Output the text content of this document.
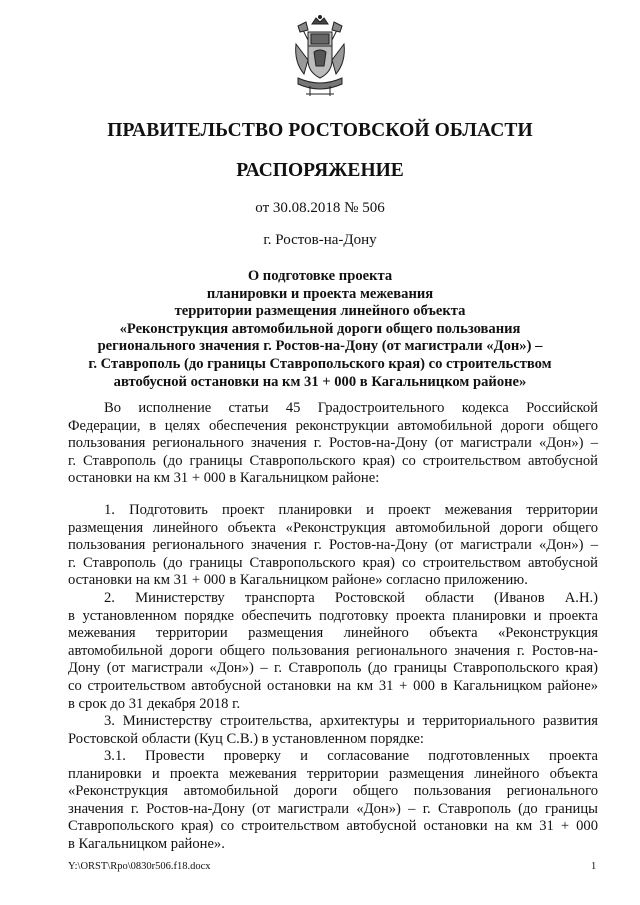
ПРАВИТЕЛЬСТВО РОСТОВСКОЙ ОБЛАСТИ
РАСПОРЯЖЕНИЕ
от 30.08.2018 № 506
г. Ростов-на-Дону
О подготовке проекта
планировки и проекта межевания
территории размещения линейного объекта
«Реконструкция автомобильной дороги общего пользования
регионального значения г. Ростов-на-Дону (от магистрали «Дон») –
г. Ставрополь (до границы Ставропольского края) со строительством
автобусной остановки на км 31 + 000 в Кагальницком районе»
Во исполнение статьи 45 Градостроительного кодекса Российской
Федерации, в целях обеспечения реконструкции автомобильной дороги общего
пользования регионального значения г. Ростов-на-Дону (от магистрали «Дон») –
г. Ставрополь (до границы Ставропольского края) со строительством автобусной
остановки на км 31 + 000 в Кагальницком районе:
1. Подготовить проект планировки и проект межевания территории
размещения линейного объекта «Реконструкция автомобильной дороги общего
пользования регионального значения г. Ростов-на-Дону (от магистрали «Дон») –
г. Ставрополь (до границы Ставропольского края) со строительством автобусной
остановки на км 31 + 000 в Кагальницком районе» согласно приложению.
2. Министерству транспорта Ростовской области (Иванов А.Н.)
в установленном порядке обеспечить подготовку проекта планировки и проекта
межевания территории размещения линейного объекта «Реконструкция
автомобильной дороги общего пользования регионального значения г. Ростов-на-
Дону (от магистрали «Дон») – г. Ставрополь (до границы Ставропольского края)
со строительством автобусной остановки на км 31 + 000 в Кагальницком районе»
в срок до 31 декабря 2018 г.
3. Министерству строительства, архитектуры и территориального развития
Ростовской области (Куц С.В.) в установленном порядке:
3.1. Провести проверку и согласование подготовленных проекта
планировки и проекта межевания территории размещения линейного объекта
«Реконструкция автомобильной дороги общего пользования регионального
значения г. Ростов-на-Дону (от магистрали «Дон») – г. Ставрополь (до границы
Ставропольского края) со строительством автобусной остановки на км 31 + 000
в Кагальницком районе».
Y:\ORST\Rpo\0830r506.f18.docx	1
